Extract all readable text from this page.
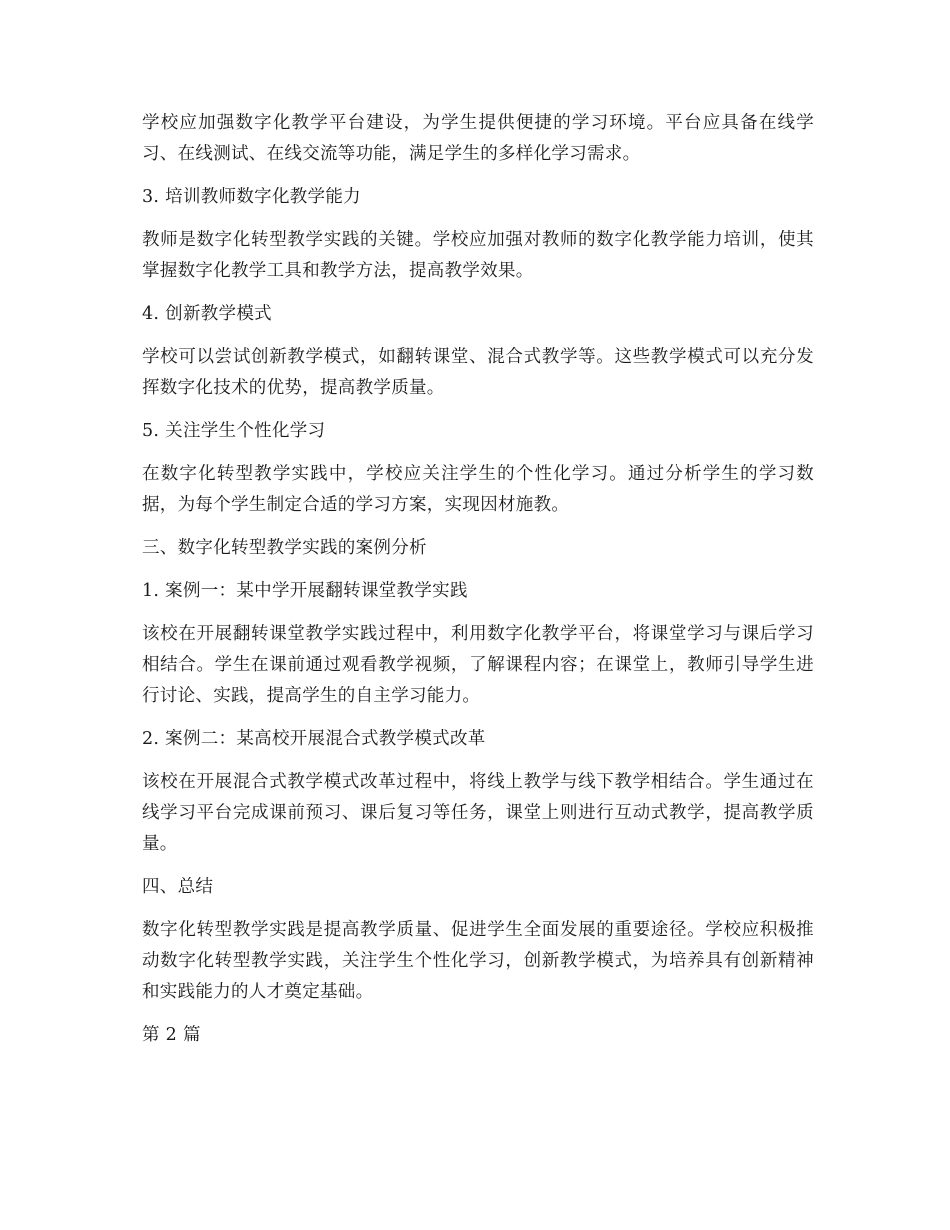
学校应加强数字化教学平台建设，为学生提供便捷的学习环境。平台应具备在线学习、在线测试、在线交流等功能，满足学生的多样化学习需求。

3. 培训教师数字化教学能力

教师是数字化转型教学实践的关键。学校应加强对教师的数字化教学能力培训，使其掌握数字化教学工具和教学方法，提高教学效果。

4. 创新教学模式

学校可以尝试创新教学模式，如翻转课堂、混合式教学等。这些教学模式可以充分发挥数字化技术的优势，提高教学质量。

5. 关注学生个性化学习

在数字化转型教学实践中，学校应关注学生的个性化学习。通过分析学生的学习数据，为每个学生制定合适的学习方案，实现因材施教。

三、数字化转型教学实践的案例分析

1. 案例一：某中学开展翻转课堂教学实践

该校在开展翻转课堂教学实践过程中，利用数字化教学平台，将课堂学习与课后学习相结合。学生在课前通过观看教学视频，了解课程内容；在课堂上，教师引导学生进行讨论、实践，提高学生的自主学习能力。

2. 案例二：某高校开展混合式教学模式改革

该校在开展混合式教学模式改革过程中，将线上教学与线下教学相结合。学生通过在线学习平台完成课前预习、课后复习等任务，课堂上则进行互动式教学，提高教学质量。

四、总结

数字化转型教学实践是提高教学质量、促进学生全面发展的重要途径。学校应积极推动数字化转型教学实践，关注学生个性化学习，创新教学模式，为培养具有创新精神和实践能力的人才奠定基础。

第 2 篇
